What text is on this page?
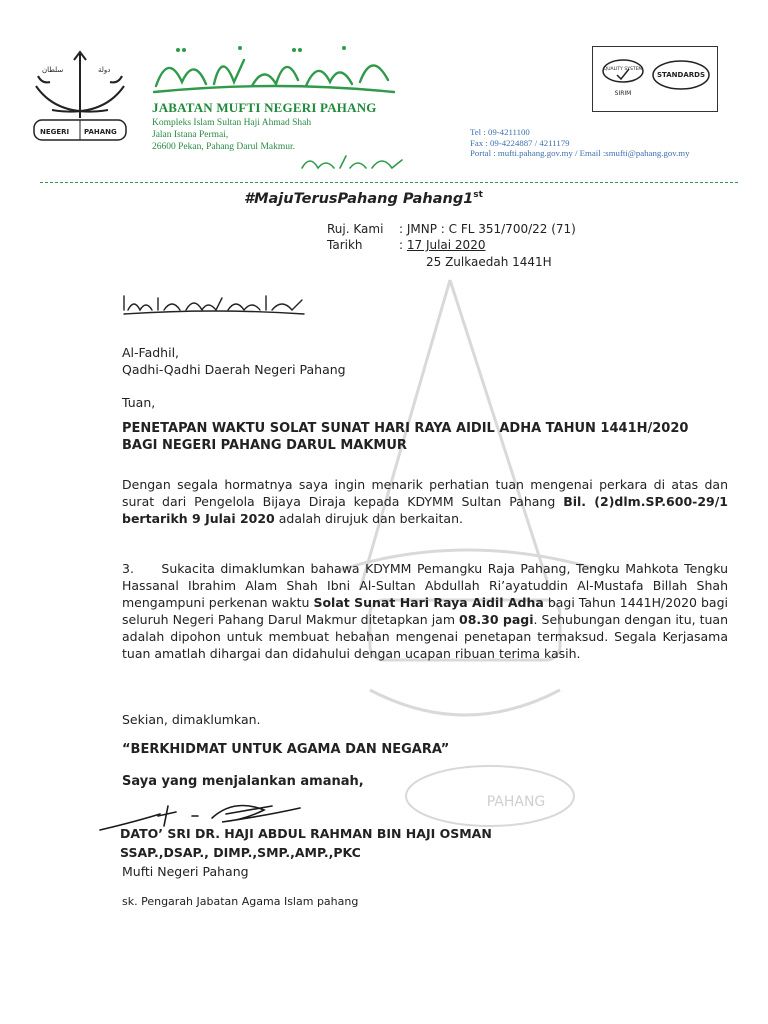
سلطان	دولة
NEGERI PAHANG
JABATAN MUFTI NEGERI PAHANG
Kompleks Islam Sultan Haji Ahmad Shah
Jalan Istana Permai,
26600 Pekan, Pahang Darul Makmur.
Tel : 09-4211100
Fax : 09-4224887 / 4211179
Portal : mufti.pahang.gov.my / Email :smufti@pahang.gov.my
QUALITY SYSTEM
SIRIM
STANDARDS
#MajuTerusPahang Pahang1st
Ruj. Kami : JMNP : C FL 351/700/22 (71)
Tarikh	: 17 Julai 2020
25 Zulkaedah 1441H
Al-Fadhil,
Qadhi-Qadhi Daerah Negeri Pahang
Tuan,
PENETAPAN WAKTU SOLAT SUNAT HARI RAYA AIDIL ADHA TAHUN 1441H/2020 BAGI NEGERI PAHANG DARUL MAKMUR
Dengan segala hormatnya saya ingin menarik perhatian tuan mengenai perkara di atas dan surat dari Pengelola Bijaya Diraja kepada KDYMM Sultan Pahang Bil. (2)dlm.SP.600-29/1 bertarikh 9 Julai 2020 adalah dirujuk dan berkaitan.
3.     Sukacita dimaklumkan bahawa KDYMM Pemangku Raja Pahang, Tengku Mahkota Tengku Hassanal Ibrahim Alam Shah Ibni Al-Sultan Abdullah Ri’ayatuddin Al-Mustafa Billah Shah mengampuni perkenan waktu Solat Sunat Hari Raya Aidil Adha bagi Tahun 1441H/2020 bagi seluruh Negeri Pahang Darul Makmur ditetapkan jam 08.30 pagi. Sehubungan dengan itu, tuan adalah dipohon untuk membuat hebahan mengenai penetapan termaksud. Segala Kerjasama tuan amatlah dihargai dan didahului dengan ucapan ribuan terima kasih.
Sekian, dimaklumkan.
“BERKHIDMAT UNTUK AGAMA DAN NEGARA”
Saya yang menjalankan amanah,
PAHANG
DATO’ SRI DR. HAJI ABDUL RAHMAN BIN HAJI OSMAN
SSAP.,DSAP., DIMP.,SMP.,AMP.,PKC
Mufti Negeri Pahang
sk. Pengarah Jabatan Agama Islam pahang
